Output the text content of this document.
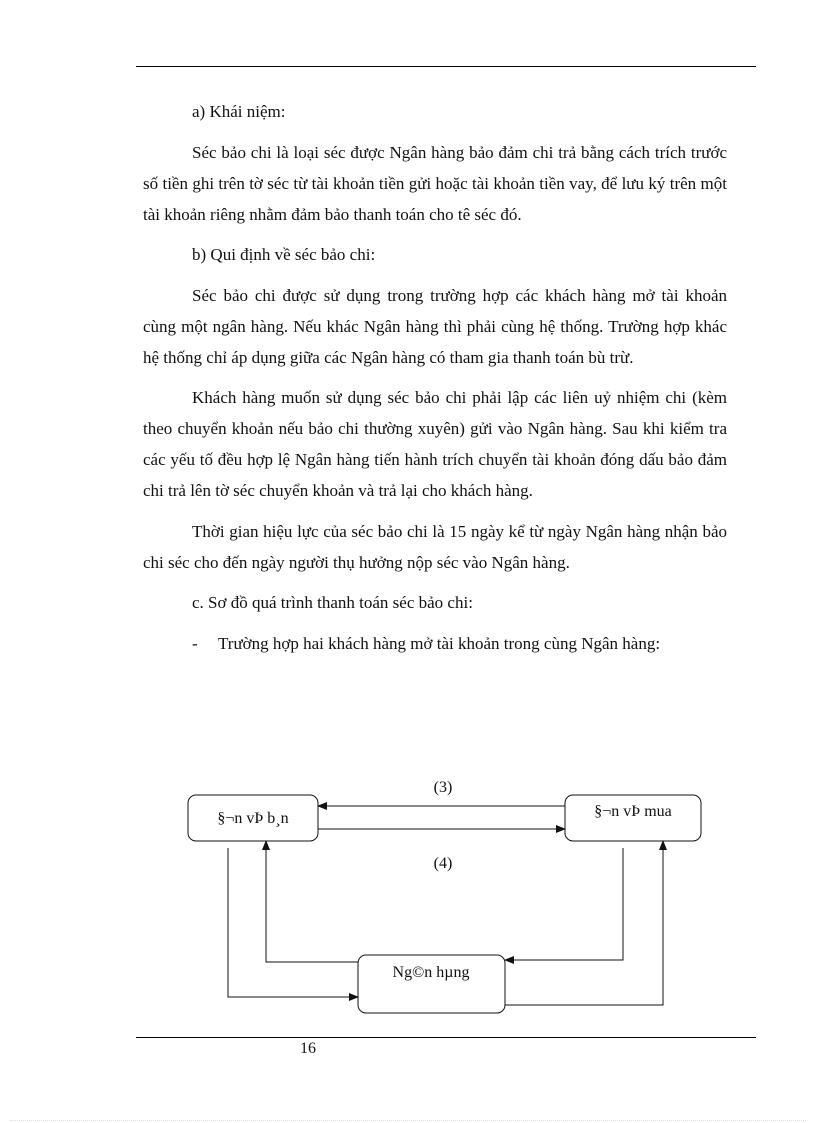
a) Khái niệm:

Séc bảo chi là loại séc được Ngân hàng bảo đảm chi trả bằng cách trích trước số tiền ghi trên tờ séc từ tài khoản tiền gửi hoặc tài khoản tiền vay, để lưu ký trên một tài khoản riêng nhằm đảm bảo thanh toán cho tê séc đó.

b) Qui định về séc bảo chi:

Séc bảo chi được sử dụng trong trường hợp các khách hàng mở tài khoản cùng một ngân hàng. Nếu khác Ngân hàng thì phải cùng hệ thống. Trường hợp khác hệ thống chỉ áp dụng giữa các Ngân hàng có tham gia thanh toán bù trừ.

Khách hàng muốn sử dụng séc bảo chi phải lập các liên uỷ nhiệm chi (kèm theo chuyển khoản nếu bảo chi thường xuyên) gửi vào Ngân hàng. Sau khi kiểm tra các yếu tố đều hợp lệ Ngân hàng tiến hành trích chuyển tài khoản đóng dấu bảo đảm chi trả lên tờ séc chuyển khoản và trả lại cho khách hàng.

Thời gian hiệu lực của séc bảo chi là 15 ngày kể từ ngày Ngân hàng nhận bảo chi séc cho đến ngày người thụ hưởng nộp séc vào Ngân hàng.

c. Sơ đồ quá trình thanh toán séc bảo chi:

- Trường hợp hai khách hàng mở tài khoản trong cùng Ngân hàng:

§¬n vÞ b¸n	§¬n vÞ mua
Ng©n hµng
(3)
(4)
16
